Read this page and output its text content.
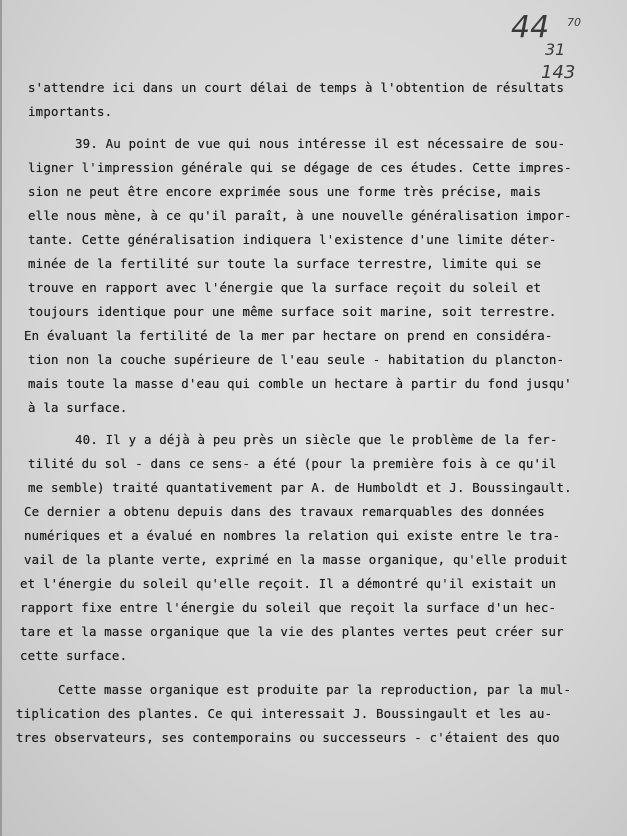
44 70
31
143
s'attendre ici dans un court délai de temps à l'obtention de résultats
importants.
39. Au point de vue qui nous intéresse il est nécessaire de sou-
ligner l'impression générale qui se dégage de ces études. Cette impres-
sion ne peut être encore exprimée sous une forme très précise, mais
elle nous mène, à ce qu'il paraît, à une nouvelle généralisation impor-
tante. Cette généralisation indiquera l'existence d'une limite déter-
minée de la fertilité sur toute la surface terrestre, limite qui se
trouve en rapport avec l'énergie que la surface reçoit du soleil et
toujours identique pour une même surface soit marine, soit terrestre.
En évaluant la fertilité de la mer par hectare on prend en considéra-
tion non la couche supérieure de l'eau seule - habitation du plancton-
mais toute la masse d'eau qui comble un hectare à partir du fond jusqu'
à la surface.
40. Il y a déjà à peu près un siècle que le problème de la fer-
tilité du sol - dans ce sens- a été (pour la première fois à ce qu'il
me semble) traité quantativement par A. de Humboldt et J. Boussingault.
Ce dernier a obtenu depuis dans des travaux remarquables des données
numériques et a évalué en nombres la relation qui existe entre le tra-
vail de la plante verte, exprimé en la masse organique, qu'elle produit
et l'énergie du soleil qu'elle reçoit. Il a démontré qu'il existait un
rapport fixe entre l'énergie du soleil que reçoit la surface d'un hec-
tare et la masse organique que la vie des plantes vertes peut créer sur
cette surface.
Cette masse organique est produite par la reproduction, par la mul-
tiplication des plantes. Ce qui interessait J. Boussingault et les au-
tres observateurs, ses contemporains ou successeurs - c'étaient des quo
